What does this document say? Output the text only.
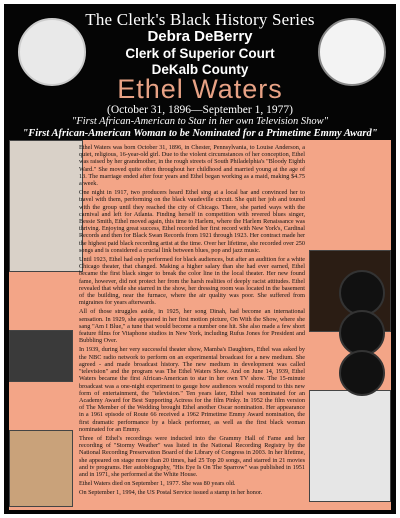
The Clerk's Black History Series
Debra DeBerry
Clerk of Superior Court
DeKalb County
Ethel Waters
(October 31, 1896—September 1, 1977)
"First African-American to Star in her own Television Show"
"First African-American Woman to be Nominated for a Primetime Emmy Award"

Ethel Waters was born October 31, 1896, in Chester, Pennsylvania, to Louise Anderson, a quiet, religious, 16-year-old girl. Due to the violent circumstances of her conception, Ethel was raised by her grandmother, in the rough streets of South Philadelphia's "Bloody Eighth Ward." She moved quite often throughout her childhood and married young at the age of 13. The marriage ended after four years and Ethel began working as a maid, making $4.75 a week.

One night in 1917, two producers heard Ethel sing at a local bar and convinced her to travel with them, performing on the black vaudeville circuit. She quit her job and toured with the group until they reached the city of Chicago. There, she parted ways with the carnival and left for Atlanta. Finding herself in competition with revered blues singer, Bessie Smith, Ethel moved again, this time to Harlem, where the Harlem Renaissance was thriving. Enjoying great success, Ethel recorded her first record with New York's, Cardinal Records and then for Black Swan Records from 1921 through 1923. Her contract made her the highest paid black recording artist at the time. Over her lifetime, she recorded over 250 songs and is considered a crucial link between blues, pop and jazz music.

Until 1923, Ethel had only performed for black audiences, but after an audition for a white Chicago theater, that changed. Making a higher salary than she had ever earned, Ethel became the first black singer to break the color line in the local theater. Her new found fame, however, did not protect her from the harsh realities of deeply racist attitudes. Ethel revealed that while she starred in the show, her dressing room was located in the basement of the building, near the furnace, where the air quality was poor. She suffered from migraines for years afterwards.

All of those struggles aside, in 1925, her song Dinah, had become an international sensation. In 1929, she appeared in her first motion picture, On With the Show, where she sang "Am I Blue," a tune that would become a number one hit. She also made a few short feature films for Vitaphone studios in New York, including Rufus Jones for President and Bubbling Over.

In 1939, during her very successful theater show, Mamba's Daughters, Ethel was asked by the NBC radio network to perform on an experimental broadcast for a new medium. She agreed - and made broadcast history. The new medium in development was called "television" and the program was The Ethel Waters Show. And on June 14, 1939, Ethel Waters became the first African-American to star in her own TV show. The 15-minute broadcast was a one-night experiment to gauge how audiences would respond to this new form of entertainment, the "television." Ten years later, Ethel was nominated for an Academy Award for Best Supporting Actress for the film Pinky. In 1952 the film version of The Member of the Wedding brought Ethel another Oscar nomination. Her appearance in a 1961 episode of Route 66 received a 1962 Primetime Emmy Award nomination, the first dramatic performance by a black performer, as well as the first black woman nominated for an Emmy.

Three of Ethel's recordings were inducted into the Grammy Hall of Fame and her recording of "Stormy Weather" was listed in the National Recording Registry by the National Recording Preservation Board of the Library of Congress in 2003. In her lifetime, she appeared on stage more than 20 times, had 25 Top 20 songs, and starred in 21 movies and tv programs. Her autobiography, "His Eye Is On The Sparrow" was published in 1951 and in 1971, she performed at the White House.

Ethel Waters died on September 1, 1977. She was 80 years old.

On September 1, 1994, the US Postal Service issued a stamp in her honor.
